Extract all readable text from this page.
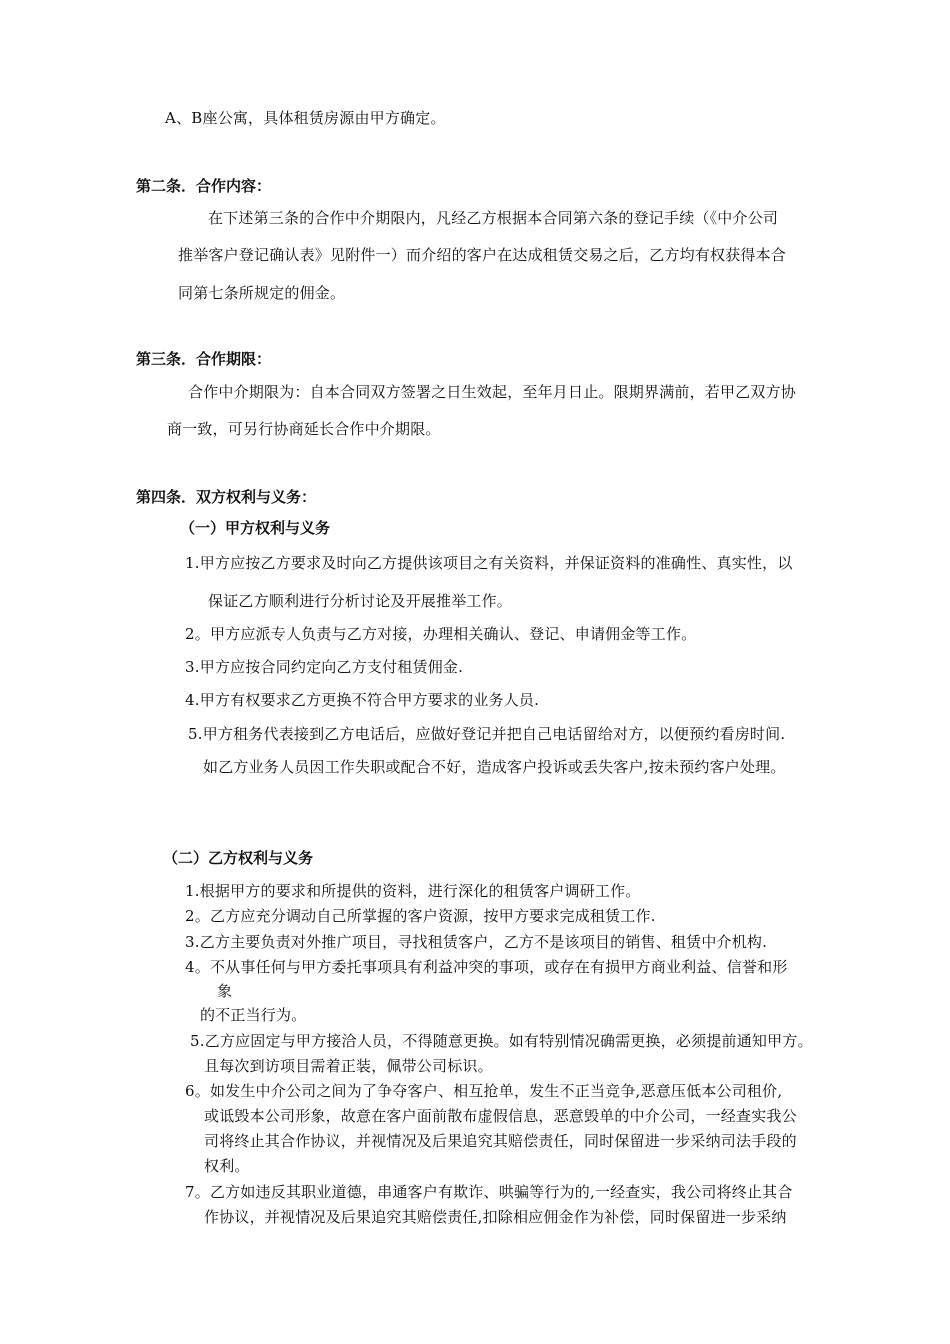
A、B座公寓，具体租赁房源由甲方确定。
第二条．合作内容：
在下述第三条的合作中介期限内，凡经乙方根据本合同第六条的登记手续（《中介公司
推举客户登记确认表》见附件一）而介绍的客户在达成租赁交易之后，乙方均有权获得本合
同第七条所规定的佣金。
第三条．合作期限：
合作中介期限为：自本合同双方签署之日生效起，至年月日止。限期界满前，若甲乙双方协
商一致，可另行协商延长合作中介期限。
第四条．双方权利与义务：
（一）甲方权利与义务
1.甲方应按乙方要求及时向乙方提供该项目之有关资料，并保证资料的准确性、真实性，以
保证乙方顺利进行分析讨论及开展推举工作。
2。甲方应派专人负责与乙方对接，办理相关确认、登记、申请佣金等工作。
3.甲方应按合同约定向乙方支付租赁佣金.
4.甲方有权要求乙方更换不符合甲方要求的业务人员.
5.甲方租务代表接到乙方电话后，应做好登记并把自己电话留给对方，以便预约看房时间.
如乙方业务人员因工作失职或配合不好，造成客户投诉或丢失客户,按未预约客户处理。
（二）乙方权利与义务
1.根据甲方的要求和所提供的资料，进行深化的租赁客户调研工作。
2。乙方应充分调动自己所掌握的客户资源，按甲方要求完成租赁工作.
3.乙方主要负责对外推广项目，寻找租赁客户，乙方不是该项目的销售、租赁中介机构.
4。不从事任何与甲方委托事项具有利益冲突的事项，或存在有损甲方商业利益、信誉和形
象
的不正当行为。
5.乙方应固定与甲方接洽人员，不得随意更换。如有特别情况确需更换，必须提前通知甲方。
且每次到访项目需着正装，佩带公司标识。
6。如发生中介公司之间为了争夺客户、相互抢单，发生不正当竞争,恶意压低本公司租价,
或诋毁本公司形象，故意在客户面前散布虚假信息，恶意毁单的中介公司，一经查实我公
司将终止其合作协议，并视情况及后果追究其赔偿责任，同时保留进一步采纳司法手段的
权利。
7。乙方如违反其职业道德，串通客户有欺诈、哄骗等行为的,一经查实，我公司将终止其合
作协议，并视情况及后果追究其赔偿责任,扣除相应佣金作为补偿，同时保留进一步采纳
